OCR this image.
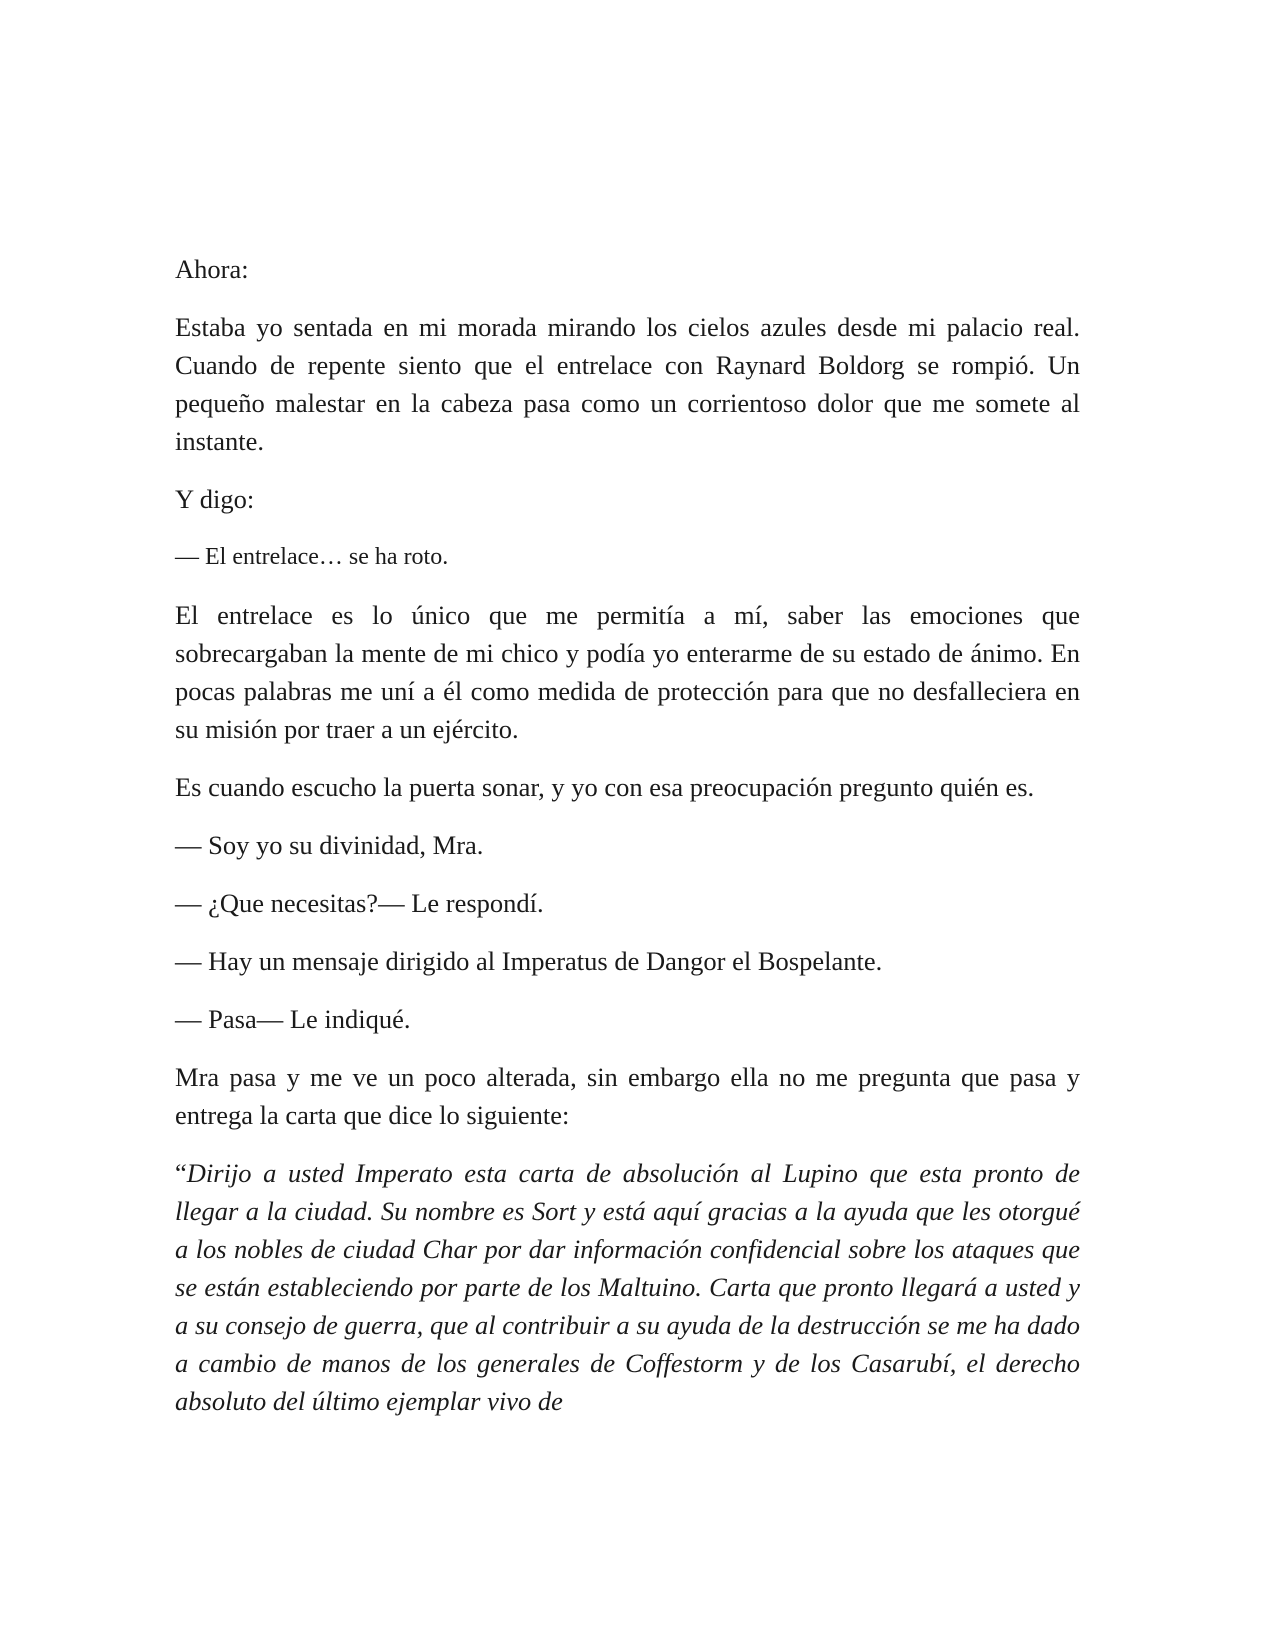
Ahora:

Estaba yo sentada en mi morada mirando los cielos azules desde mi palacio real. Cuando de repente siento que el entrelace con Raynard Boldorg se rompió. Un pequeño malestar en la cabeza pasa como un corrientoso dolor que me somete al instante.

Y digo:

— El entrelace… se ha roto.

El entrelace es lo único que me permitía a mí, saber las emociones que sobrecargaban la mente de mi chico y podía yo enterarme de su estado de ánimo. En pocas palabras me uní a él como medida de protección para que no desfalleciera en su misión por traer a un ejército.

Es cuando escucho la puerta sonar, y yo con esa preocupación pregunto quién es.

— Soy yo su divinidad, Mra.

— ¿Que necesitas?— Le respondí.

— Hay un mensaje dirigido al Imperatus de Dangor el Bospelante.

— Pasa— Le indiqué.

Mra pasa y me ve un poco alterada, sin embargo ella no me pregunta que pasa y entrega la carta que dice lo siguiente:

“Dirijo a usted Imperato esta carta de absolución al Lupino que esta pronto de llegar a la ciudad. Su nombre es Sort y está aquí gracias a la ayuda que les otorgué a los nobles de ciudad Char por dar información confidencial sobre los ataques que se están estableciendo por parte de los Maltuino. Carta que pronto llegará a usted y a su consejo de guerra, que al contribuir a su ayuda de la destrucción se me ha dado a cambio de manos de los generales de Coffestorm y de los Casarubí, el derecho absoluto del último ejemplar vivo de
